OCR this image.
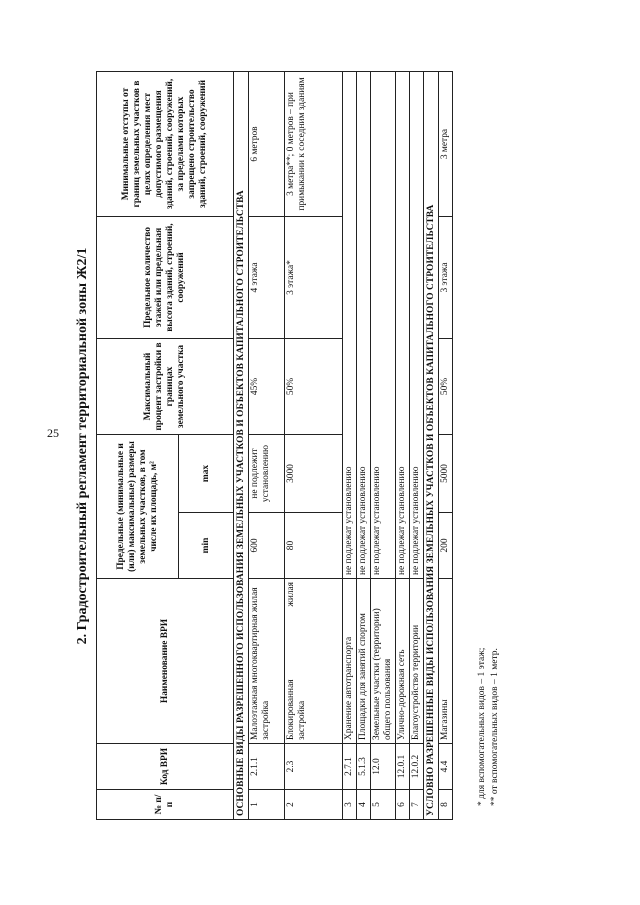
25 2. Градостроительный регламент территориальной зоны Ж2/1
№ п/п	Код ВРИ	Наименование ВРИ	Предельные (минимальные и (или) максимальные) размеры земельных участков, в том числе их площадь, м²		Максимальный процент застройки в границах земельного участка	Предельное количество этажей или предельная высота зданий, строений, сооружений	Минимальные отступы от границ земельных участков в целях определения мест допустимого размещения зданий, строений, сооружений, за пределами которых запрещено строительство зданий, строений, сооружений
			min	max			
ОСНОВНЫЕ ВИДЫ РАЗРЕШЕННОГО ИСПОЛЬЗОВАНИЯ ЗЕМЕЛЬНЫХ УЧАСТКОВ И ОБЪЕКТОВ КАПИТАЛЬНОГО СТРОИТЕЛЬСТВА							
1	2.1.1	Малоэтажная многоквартирная жилая застройка	600	не подлежит установлению	45%	4 этажа	6 метров
2	2.3	Блокированная жилая застройка	80	3000	50%	3 этажа*	3 метра**; 0 метров – при примыкании к соседним зданиям
3	2.7.1	Хранение автотранспорта	не подлежат установлению				
4	5.1.3	Площадки для занятий спортом	не подлежат установлению				
5	12.0	Земельные участки (территории) общего пользования	не подлежат установлению				
6	12.0.1	Улично-дорожная сеть	не подлежат установлению				
7	12.0.2	Благоустройство территории	не подлежат установлению				
УСЛОВНО РАЗРЕШЕННЫЕ ВИДЫ ИСПОЛЬЗОВАНИЯ ЗЕМЕЛЬНЫХ УЧАСТКОВ И ОБЪЕКТОВ КАПИТАЛЬНОГО СТРОИТЕЛЬСТВА							
8	4.4	Магазины	200	5000	50%	3 этажа	3 метра
* для вспомогательных видов – 1 этаж; ** от вспомогательных видов – 1 метр.
